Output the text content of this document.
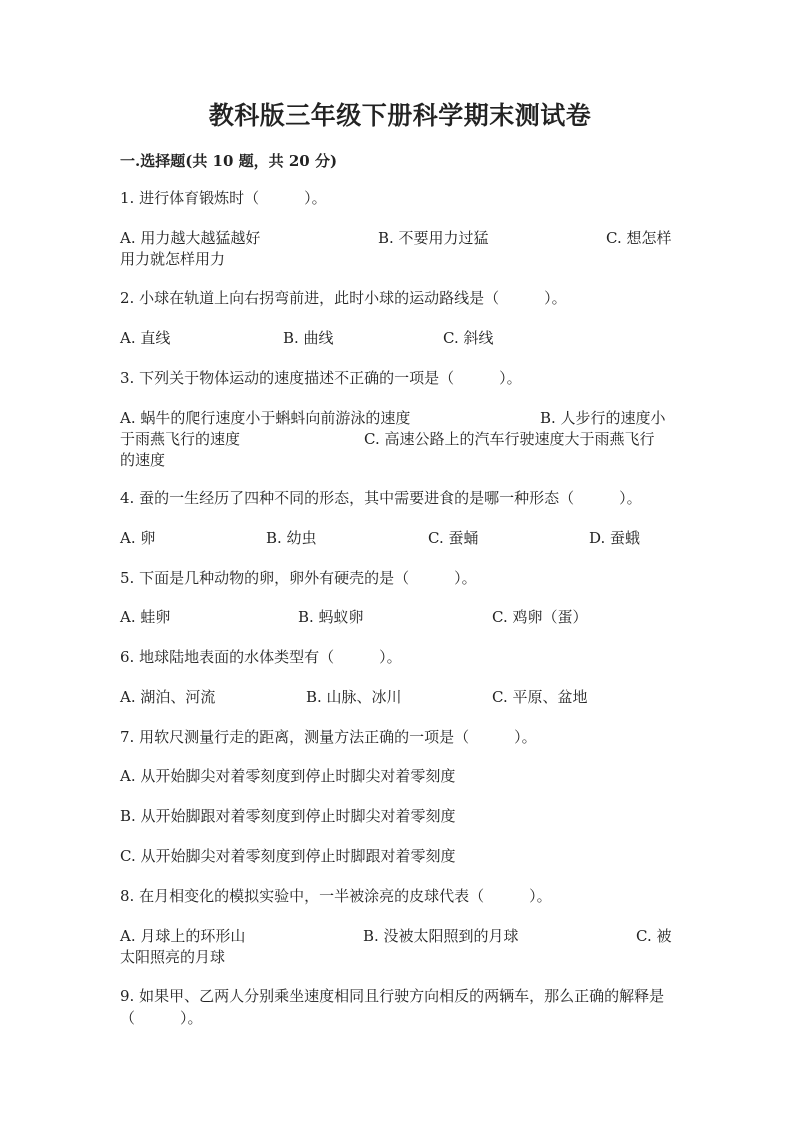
教科版三年级下册科学期末测试卷
一.选择题(共 10 题，共 20 分)
1. 进行体育锻炼时（　　　）。
A. 用力越大越猛越好	B. 不要用力过猛	C. 想怎样
用力就怎样用力
2. 小球在轨道上向右拐弯前进，此时小球的运动路线是（　　　）。
A. 直线	B. 曲线	C. 斜线
3. 下列关于物体运动的速度描述不正确的一项是（　　　）。
A. 蜗牛的爬行速度小于蝌蚪向前游泳的速度	B. 人步行的速度小
于雨燕飞行的速度	C. 高速公路上的汽车行驶速度大于雨燕飞行
的速度
4. 蚕的一生经历了四种不同的形态，其中需要进食的是哪一种形态（　　　）。
A. 卵	B. 幼虫	C. 蚕蛹	D. 蚕蛾
5. 下面是几种动物的卵，卵外有硬壳的是（　　　）。
A. 蛙卵	B. 蚂蚁卵	C. 鸡卵（蛋）
6. 地球陆地表面的水体类型有（　　　）。
A. 湖泊、河流	B. 山脉、冰川	C. 平原、盆地
7. 用软尺测量行走的距离，测量方法正确的一项是（　　　）。
A. 从开始脚尖对着零刻度到停止时脚尖对着零刻度
B. 从开始脚跟对着零刻度到停止时脚尖对着零刻度
C. 从开始脚尖对着零刻度到停止时脚跟对着零刻度
8. 在月相变化的模拟实验中，一半被涂亮的皮球代表（　　　）。
A. 月球上的环形山	B. 没被太阳照到的月球	C. 被
太阳照亮的月球
9. 如果甲、乙两人分别乘坐速度相同且行驶方向相反的两辆车，那么正确的解释是（　　　）。
